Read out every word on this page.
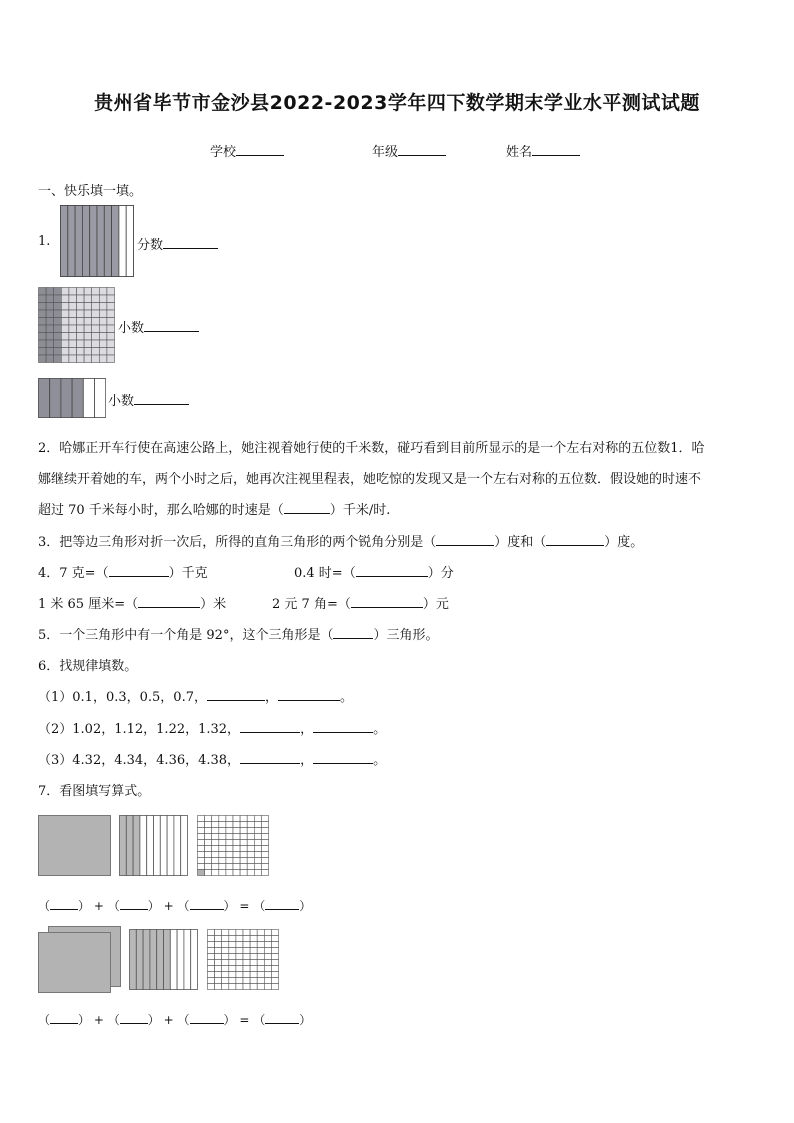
贵州省毕节市金沙县2022-2023学年四下数学期末学业水平测试试题
学校	年级	姓名
一、快乐填一填。
1.	分数
小数
小数
2．哈娜正开车行使在高速公路上，她注视着她行使的千米数，碰巧看到目前所显示的是一个左右对称的五位数1．哈
娜继续开着她的车，两个小时之后，她再次注视里程表，她吃惊的发现又是一个左右对称的五位数．假设她的时速不
超过 70 千米每小时，那么哈娜的时速是（	）千米/时.
3．把等边三角形对折一次后，所得的直角三角形的两个锐角分别是（	）度和（	）度。
4．7 克=（	）千克	0.4 时=（	）分
1 米 65 厘米=（	）米	2 元 7 角=（	）元
5．一个三角形中有一个角是 92°，这个三角形是（	）三角形。
6．找规律填数。
（1）0.1，0.3，0.5，0.7，	，	。
（2）1.02，1.12，1.22，1.32，	，	。
（3）4.32，4.34，4.36，4.38，	，	。
7．看图填写算式。
（ ） + （ ） + （	） = （	）
（ ） + （ ） + （	） = （	）
